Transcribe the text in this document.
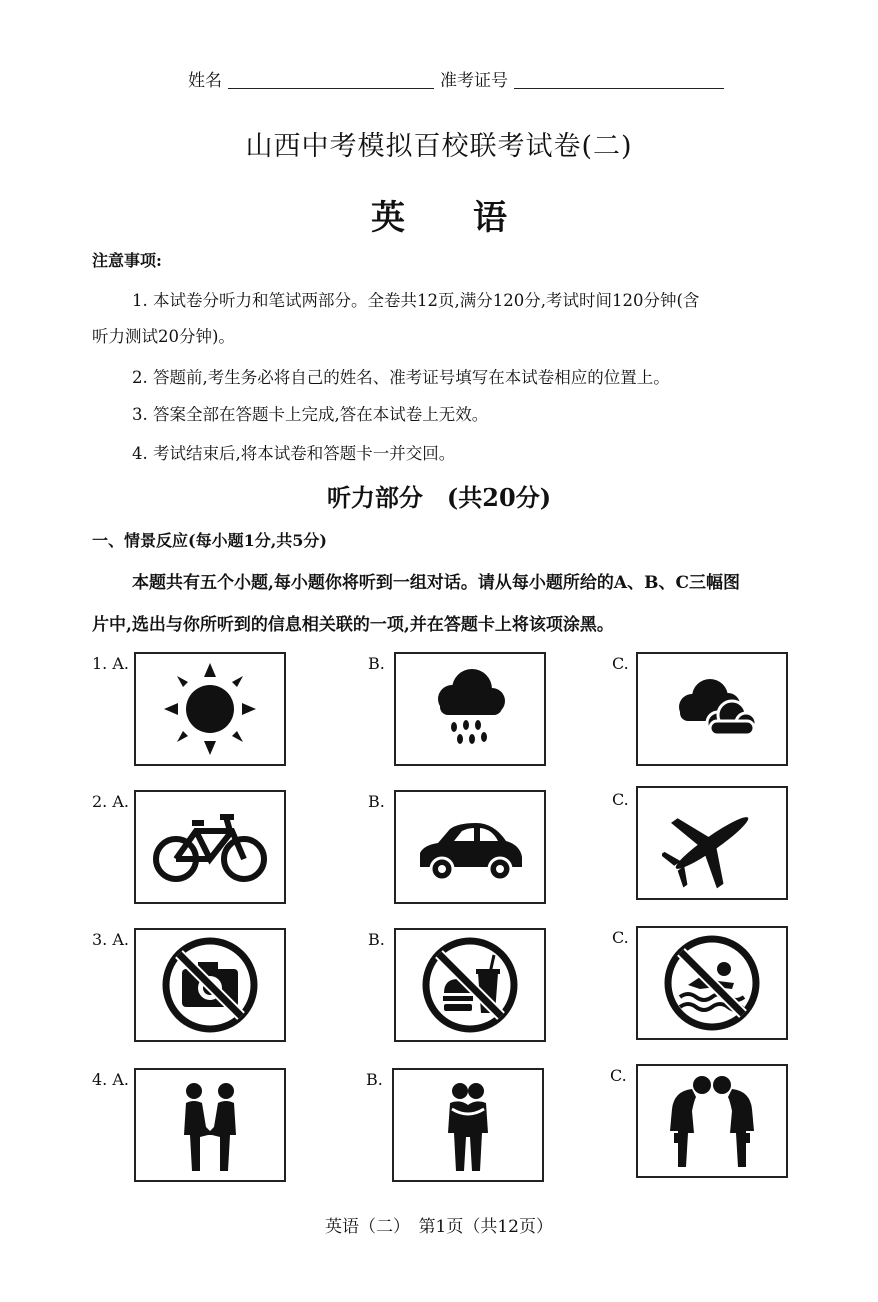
姓名	准考证号
山西中考模拟百校联考试卷(二)
英　　语
注意事项:
1. 本试卷分听力和笔试两部分。全卷共12页,满分120分,考试时间120分钟(含
听力测试20分钟)。
2. 答题前,考生务必将自己的姓名、准考证号填写在本试卷相应的位置上。
3. 答案全部在答题卡上完成,答在本试卷上无效。
4. 考试结束后,将本试卷和答题卡一并交回。
听力部分　(共20分)
一、情景反应(每小题1分,共5分)
本题共有五个小题,每小题你将听到一组对话。请从每小题所给的A、B、C三幅图
片中,选出与你所听到的信息相关联的一项,并在答题卡上将该项涂黑。
1. A.	B.	C.
2. A.	B.	C.
3. A.	B.	C.
4. A.	B.	C.
英语（二）　第1页（共12页）
